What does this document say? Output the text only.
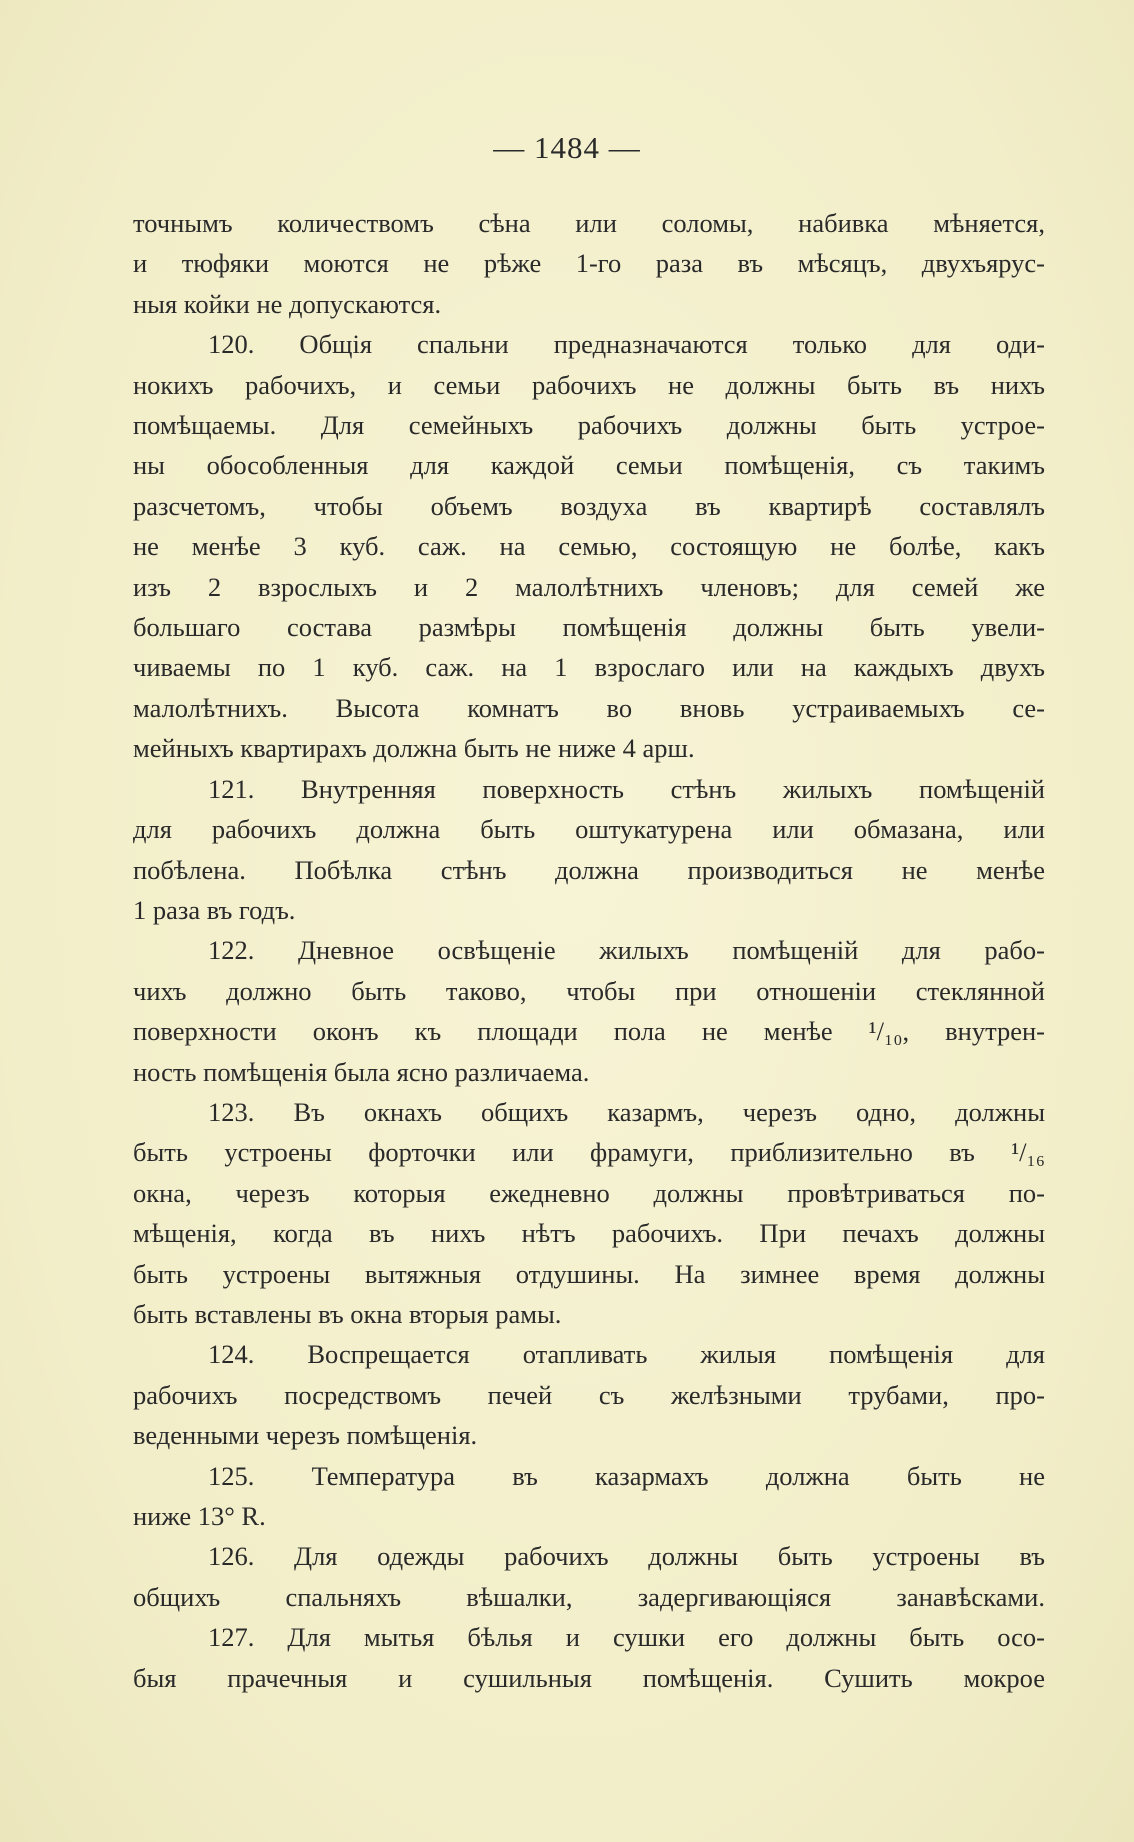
— 1484 —
точнымъ количествомъ сѣна или соломы, набивка мѣняется,
и тюфяки моются не рѣже 1-го раза въ мѣсяцъ, двухъярус-
ныя койки не допускаются.
120. Общія спальни предназначаются только для оди-
нокихъ рабочихъ, и семьи рабочихъ не должны быть въ нихъ
помѣщаемы. Для семейныхъ рабочихъ должны быть устрое-
ны обособленныя для каждой семьи помѣщенія, съ такимъ
разсчетомъ, чтобы объемъ воздуха въ квартирѣ составлялъ
не менѣе 3 куб. саж. на семью, состоящую не болѣе, какъ
изъ 2 взрослыхъ и 2 малолѣтнихъ членовъ; для семей же
большаго состава размѣры помѣщенія должны быть увели-
чиваемы по 1 куб. саж. на 1 взрослаго или на каждыхъ двухъ
малолѣтнихъ. Высота комнатъ во вновь устраиваемыхъ се-
мейныхъ квартирахъ должна быть не ниже 4 арш.
121. Внутренняя поверхность стѣнъ жилыхъ помѣщеній
для рабочихъ должна быть оштукатурена или обмазана, или
побѣлена. Побѣлка стѣнъ должна производиться не менѣе
1 раза въ годъ.
122. Дневное освѣщеніе жилыхъ помѣщеній для рабо-
чихъ должно быть таково, чтобы при отношеніи стеклянной
поверхности оконъ къ площади пола не менѣе ¹/₁₀, внутрен-
ность помѣщенія была ясно различаема.
123. Въ окнахъ общихъ казармъ, черезъ одно, должны
быть устроены форточки или фрамуги, приблизительно въ ¹/₁₆
окна, черезъ которыя ежедневно должны провѣтриваться по-
мѣщенія, когда въ нихъ нѣтъ рабочихъ. При печахъ должны
быть устроены вытяжныя отдушины. На зимнее время должны
быть вставлены въ окна вторыя рамы.
124. Воспрещается отапливать жилыя помѣщенія для
рабочихъ посредствомъ печей съ желѣзными трубами, про-
веденными черезъ помѣщенія.
125. Температура въ казармахъ должна быть не
ниже 13° R.
126. Для одежды рабочихъ должны быть устроены въ
общихъ спальняхъ вѣшалки, задергивающіяся занавѣсками.
127. Для мытья бѣлья и сушки его должны быть осо-
быя прачечныя и сушильныя помѣщенія. Сушить мокрое
